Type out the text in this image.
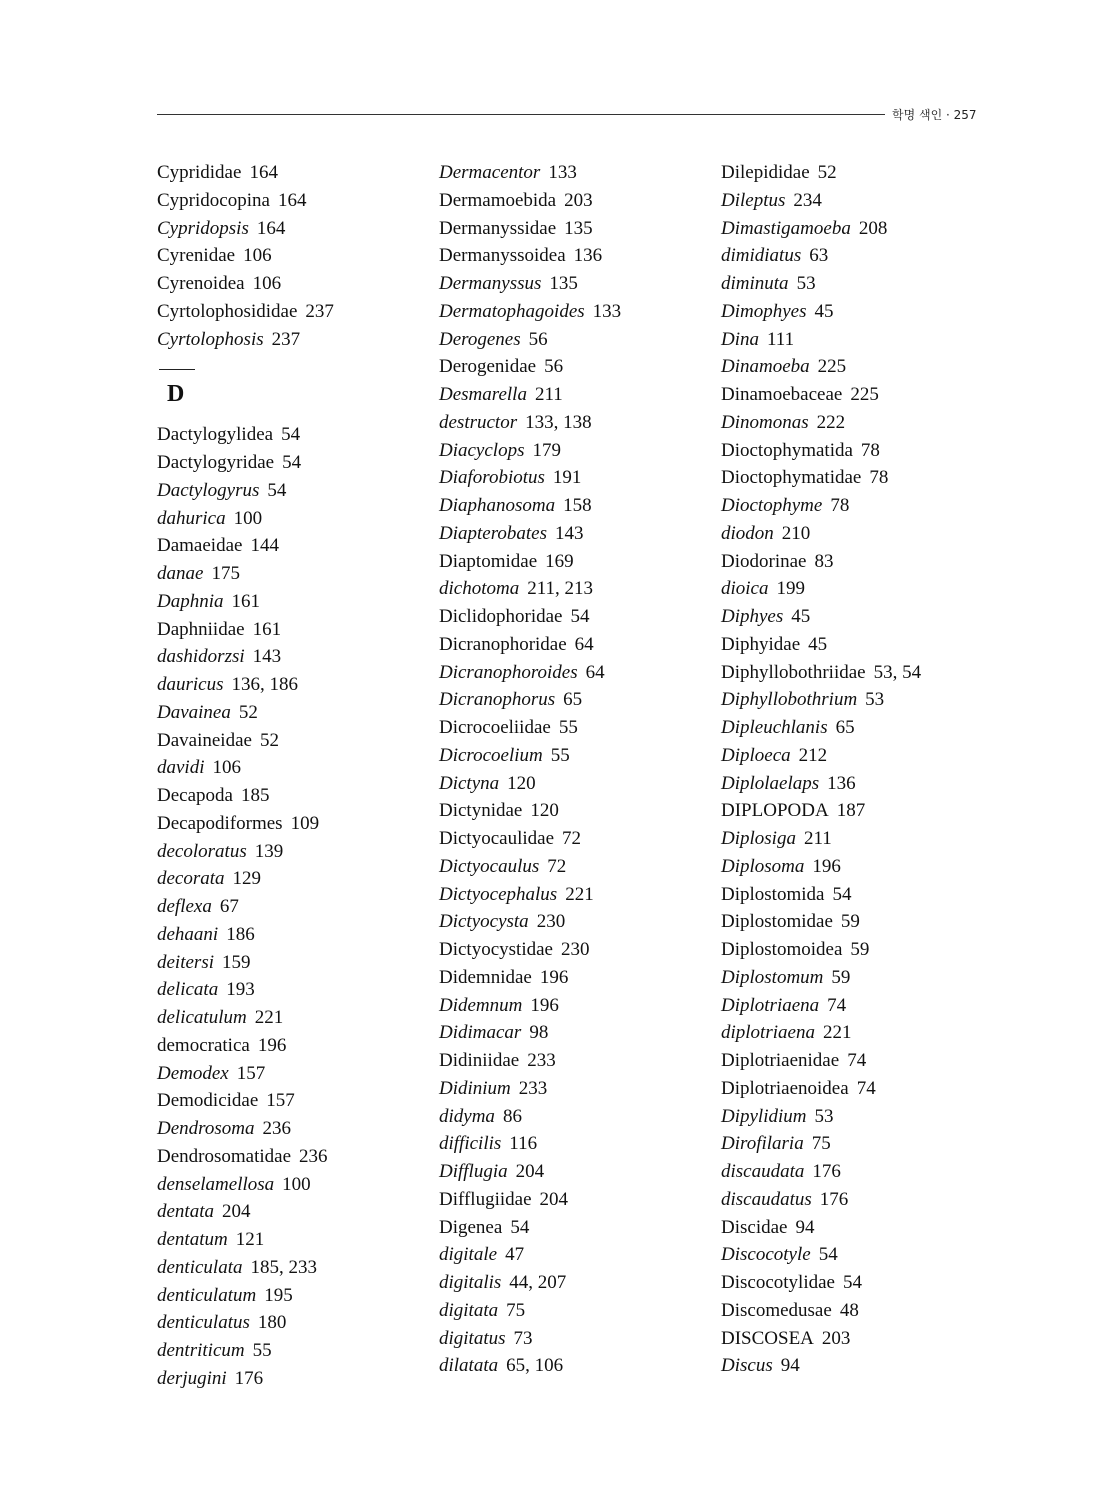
학명 색인 · 257
Cyprididae 164
Cypridocopina 164
Cypridopsis 164
Cyrenidae 106
Cyrenoidea 106
Cyrtolophosididae 237
Cyrtolophosis 237
D
Dactylogylidea 54
Dactylogyridae 54
Dactylogyrus 54
dahurica 100
Damaeidae 144
danae 175
Daphnia 161
Daphniidae 161
dashidorzsi 143
dauricus 136, 186
Davainea 52
Davaineidae 52
davidi 106
Decapoda 185
Decapodiformes 109
decoloratus 139
decorata 129
deflexa 67
dehaani 186
deitersi 159
delicata 193
delicatulum 221
democratica 196
Demodex 157
Demodicidae 157
Dendrosoma 236
Dendrosomatidae 236
denselamellosa 100
dentata 204
dentatum 121
denticulata 185, 233
denticulatum 195
denticulatus 180
dentriticum 55
derjugini 176
Dermacentor 133
Dermamoebida 203
Dermanyssidae 135
Dermanyssoidea 136
Dermanyssus 135
Dermatophagoides 133
Derogenes 56
Derogenidae 56
Desmarella 211
destructor 133, 138
Diacyclops 179
Diaforobiotus 191
Diaphanosoma 158
Diapterobates 143
Diaptomidae 169
dichotoma 211, 213
Diclidophoridae 54
Dicranophoridae 64
Dicranophoroides 64
Dicranophorus 65
Dicrocoeliidae 55
Dicrocoelium 55
Dictyna 120
Dictynidae 120
Dictyocaulidae 72
Dictyocaulus 72
Dictyocephalus 221
Dictyocysta 230
Dictyocystidae 230
Didemnidae 196
Didemnum 196
Didimacar 98
Didiniidae 233
Didinium 233
didyma 86
difficilis 116
Difflugia 204
Difflugiidae 204
Digenea 54
digitale 47
digitalis 44, 207
digitata 75
digitatus 73
dilatata 65, 106
Dilepididae 52
Dileptus 234
Dimastigamoeba 208
dimidiatus 63
diminuta 53
Dimophyes 45
Dina 111
Dinamoeba 225
Dinamoebaceae 225
Dinomonas 222
Dioctophymatida 78
Dioctophymatidae 78
Dioctophyme 78
diodon 210
Diodorinae 83
dioica 199
Diphyes 45
Diphyidae 45
Diphyllobothriidae 53, 54
Diphyllobothrium 53
Dipleuchlanis 65
Diploeca 212
Diplolaelaps 136
DIPLOPODA 187
Diplosiga 211
Diplosoma 196
Diplostomida 54
Diplostomidae 59
Diplostomoidea 59
Diplostomum 59
Diplotriaena 74
diplotriaena 221
Diplotriaenidae 74
Diplotriaenoidea 74
Dipylidium 53
Dirofilaria 75
discaudata 176
discaudatus 176
Discidae 94
Discocotyle 54
Discocotylidae 54
Discomedusae 48
DISCOSEA 203
Discus 94
